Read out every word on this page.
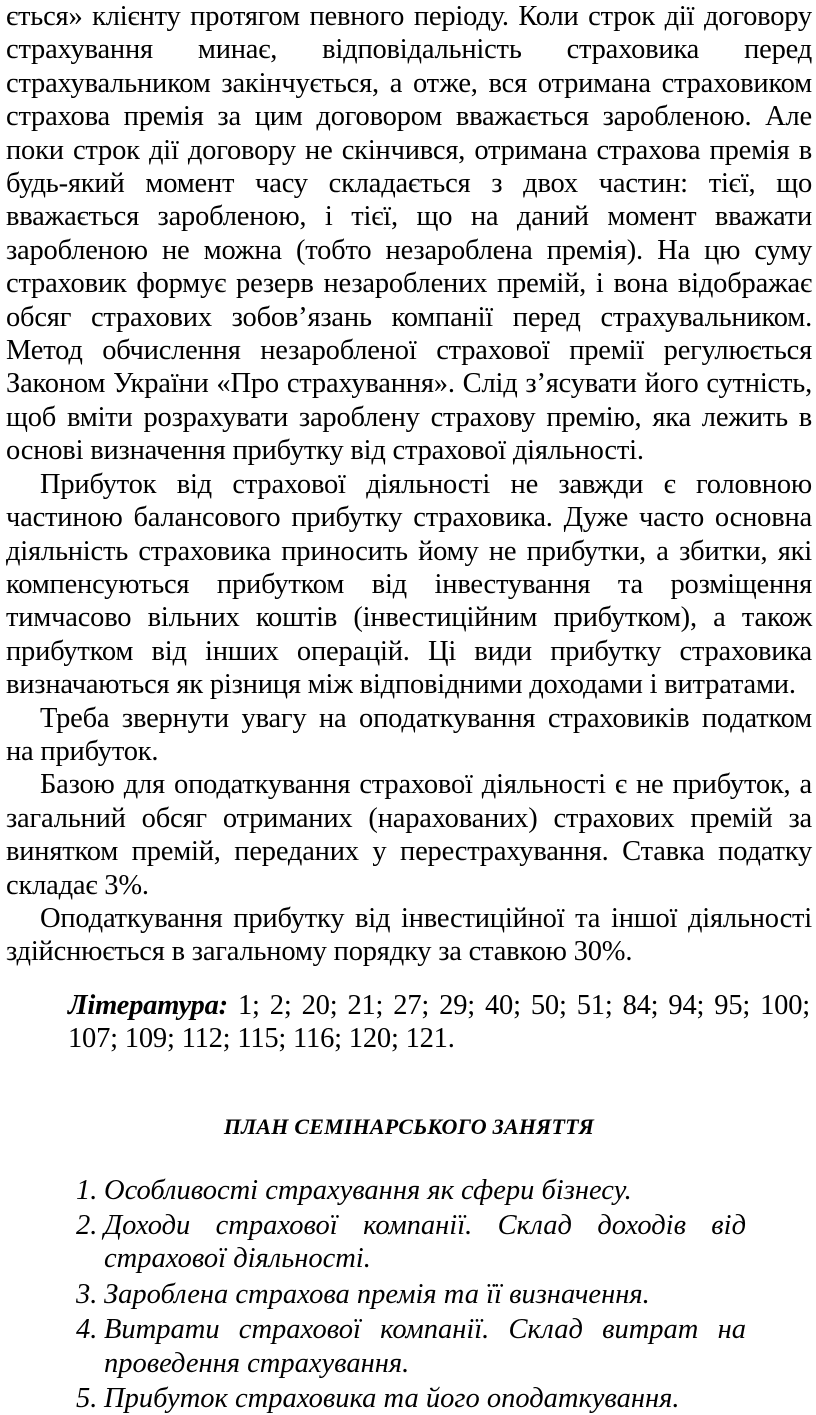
ється» клієнту протягом певного періоду. Коли строк дії договору страхування минає, відповідальність страховика перед страхувальником закінчується, а отже, вся отримана страховиком страхова премія за цим договором вважається заробленою. Але поки строк дії договору не скінчився, отримана страхова премія в будь-який момент часу складається з двох частин: тієї, що вважається заробленою, і тієї, що на даний момент вважати заробленою не можна (тобто незароблена премія). На цю суму страховик формує резерв незароблених премій, і вона відображає обсяг страхових зобов’язань компанії перед страхувальником. Метод обчислення незаробленої страхової премії регулюється Законом України «Про страхування». Слід з’ясувати його сутність, щоб вміти розрахувати зароблену страхову премію, яка лежить в основі визначення прибутку від страхової діяльності.

Прибуток від страхової діяльності не завжди є головною частиною балансового прибутку страховика. Дуже часто основна діяльність страховика приносить йому не прибутки, а збитки, які компенсуються прибутком від інвестування та розміщення тимчасово вільних коштів (інвестиційним прибутком), а також прибутком від інших операцій. Ці види прибутку страховика визначаються як різниця між відповідними доходами і витратами.

Треба звернути увагу на оподаткування страховиків податком на прибуток.

Базою для оподаткування страхової діяльності є не прибуток, а загальний обсяг отриманих (нарахованих) страхових премій за винятком премій, переданих у перестрахування. Ставка податку складає 3%.

Оподаткування прибутку від інвестиційної та іншої діяльності здійснюється в загальному порядку за ставкою 30%.

Література: 1; 2; 20; 21; 27; 29; 40; 50; 51; 84; 94; 95; 100; 107; 109; 112; 115; 116; 120; 121.

ПЛАН СЕМІНАРСЬКОГО ЗАНЯТТЯ
1. Особливості страхування як сфери бізнесу.
2. Доходи страхової компанії. Склад доходів від страхової діяльності.
3. Зароблена страхова премія та її визначення.
4. Витрати страхової компанії. Склад витрат на проведення страхування.
5. Прибуток страховика та його оподаткування.
